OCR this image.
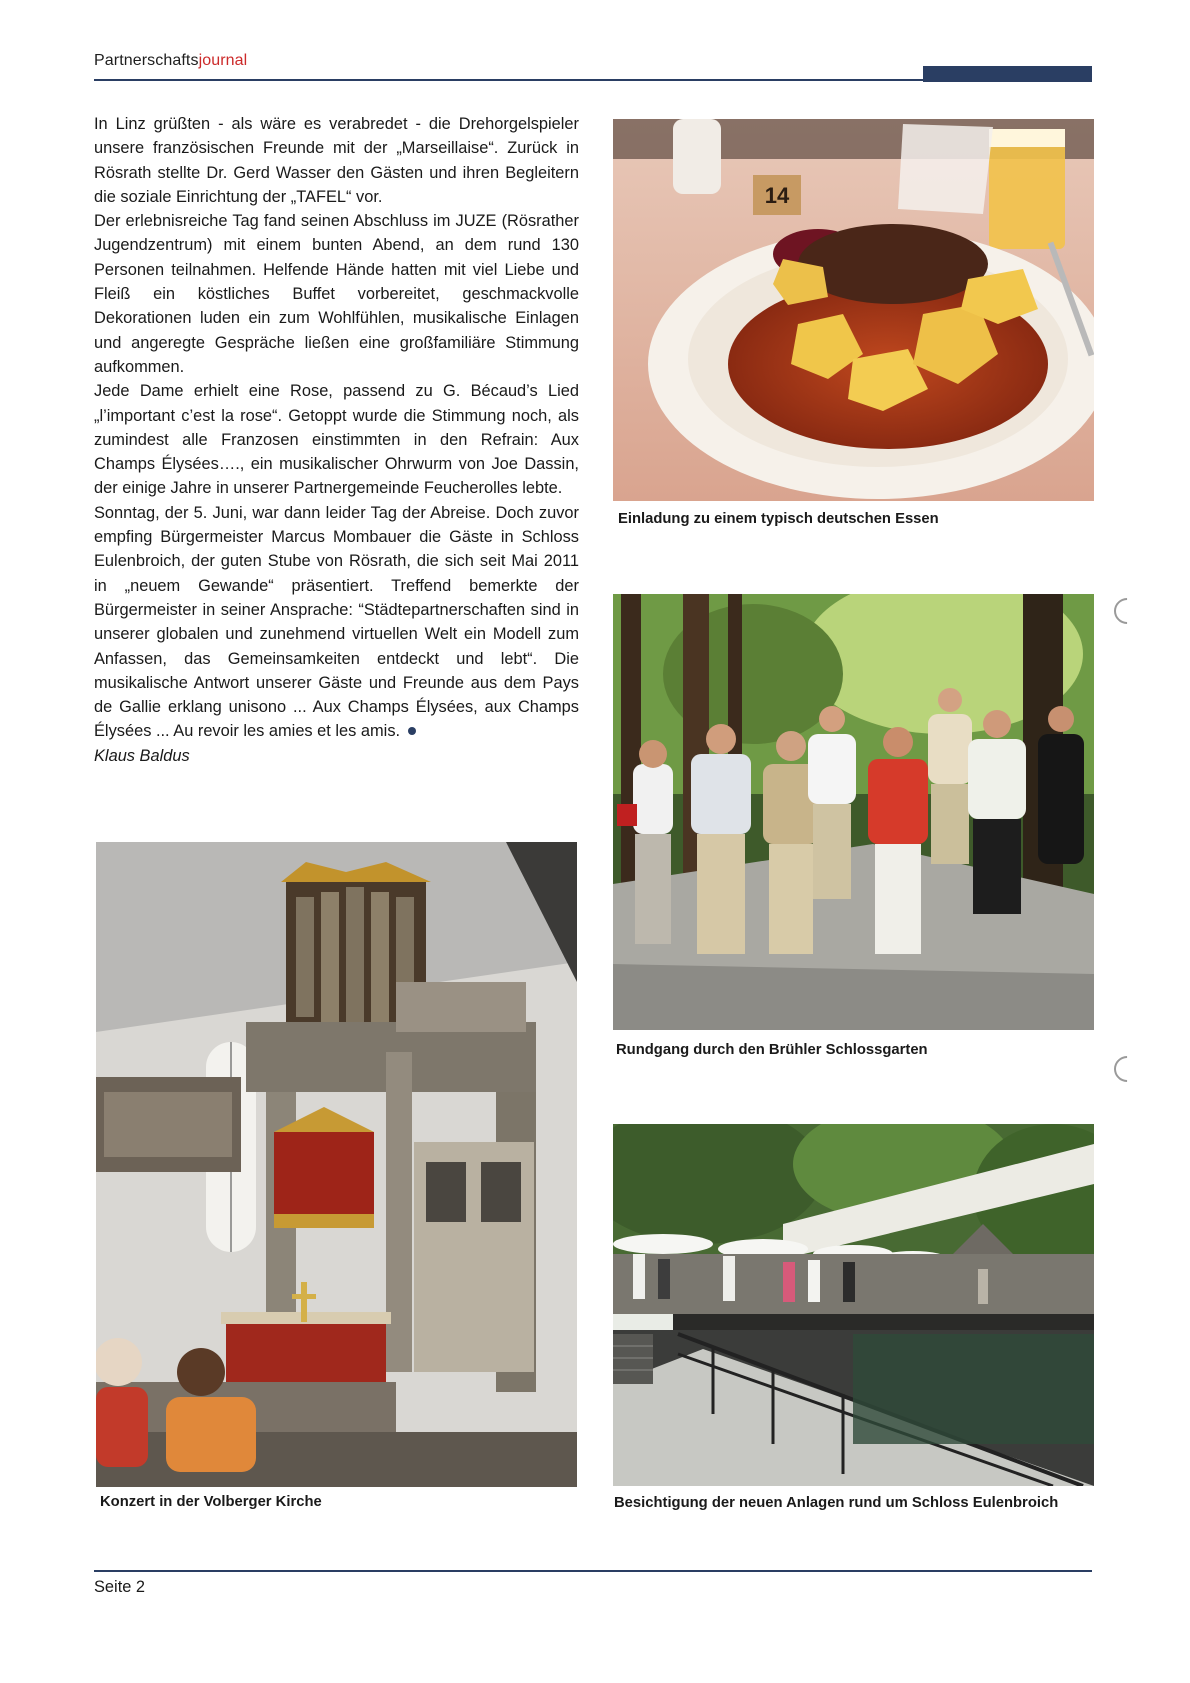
Partnerschaftsjournal

In Linz grüßten - als wäre es verabredet - die Drehorgelspieler unsere französischen Freunde mit der „Marseillaise“. Zurück in Rösrath stellte Dr. Gerd Wasser den Gästen und ihren Begleitern die soziale Einrichtung der „TAFEL“ vor.

Der erlebnisreiche Tag fand seinen Abschluss im JUZE (Rösrather Jugendzentrum) mit einem bunten Abend, an dem rund 130 Personen teilnahmen. Helfende Hände hatten mit viel Liebe und Fleiß ein köstliches Buffet vorbereitet, geschmackvolle Dekorationen luden ein zum Wohlfühlen, musikalische Einlagen und angeregte Gespräche ließen eine großfamiliäre Stimmung aufkommen.

Jede Dame erhielt eine Rose, passend zu G. Bécaud’s Lied „l’important c’est la rose“. Getoppt wurde die Stimmung noch, als zumindest alle Franzosen einstimmten in den Refrain: Aux Champs Élysées…., ein musikalischer Ohrwurm von Joe Dassin, der einige Jahre in unserer Partnergemeinde Feucherolles lebte.

Sonntag, der 5. Juni, war dann leider Tag der Abreise. Doch zuvor empfing Bürgermeister Marcus Mombauer die Gäste in Schloss Eulenbroich, der guten Stube von Rösrath, die sich seit Mai 2011 in „neuem Gewande“ präsentiert. Treffend bemerkte der Bürgermeister in seiner Ansprache: “Städtepartnerschaften sind in unserer globalen und zunehmend virtuellen Welt ein Modell zum Anfassen, das Gemeinsamkeiten entdeckt und lebt“. Die musikalische Antwort unserer Gäste und Freunde aus dem Pays de Gallie erklang unisono ... Aux Champs Élysées, aux Champs Élysées ... Au revoir les amies et les amis.

Klaus Baldus

14
Einladung zu einem typisch deutschen Essen
Rundgang durch den Brühler Schlossgarten
Konzert in der Volberger Kirche	Besichtigung der neuen Anlagen rund um Schloss Eulenbroich
Seite 2
